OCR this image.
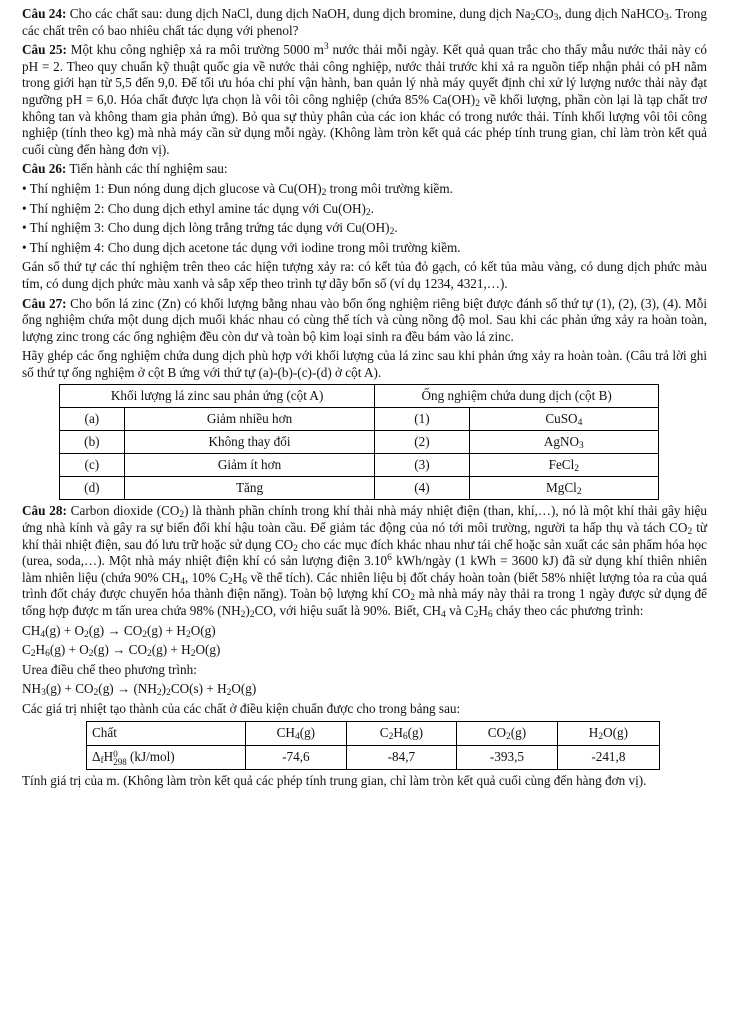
Câu 24: Cho các chất sau: dung dịch NaCl, dung dịch NaOH, dung dịch bromine, dung dịch $Na_2CO_3$, dung dịch NaHCO$_3$. Trong các chất trên có bao nhiêu chất tác dụng với phenol?

Câu 25: Một khu công nghiệp xả ra môi trường 5000 $m^3$ nước thải mỗi ngày. Kết quả quan trắc cho thấy mẫu nước thải này có pH = 2. Theo quy chuẩn kỹ thuật quốc gia về nước thải công nghiệp, nước thải trước khi xả ra nguồn tiếp nhận phải có pH nằm trong giới hạn từ 5,5 đến 9,0. Để tối ưu hóa chi phí vận hành, ban quản lý nhà máy quyết định chỉ xử lý lượng nước thải này đạt ngưỡng pH = 6,0. Hóa chất được lựa chọn là vôi tôi công nghiệp (chứa 85% $Ca(OH)_2$ về khối lượng, phần còn lại là tạp chất trơ không tan và không tham gia phản ứng). Bỏ qua sự thủy phân của các ion khác có trong nước thải. Tính khối lượng vôi tôi công nghiệp (tính theo kg) mà nhà máy cần sử dụng mỗi ngày. (Không làm tròn kết quả các phép tính trung gian, chỉ làm tròn kết quả cuối cùng đến hàng đơn vị).

Câu 26: Tiến hành các thí nghiệm sau:

• Thí nghiệm 1: Đun nóng dung dịch glucose và $Cu(OH)_2$ trong môi trường kiềm.

• Thí nghiệm 2: Cho dung dịch ethyl amine tác dụng với $Cu(OH)_2$.

• Thí nghiệm 3: Cho dung dịch lòng trắng trứng tác dụng với $Cu(OH)_2$.

• Thí nghiệm 4: Cho dung dịch acetone tác dụng với iodine trong môi trường kiềm.

Gán số thứ tự các thí nghiệm trên theo các hiện tượng xảy ra: có kết tủa đỏ gạch, có kết tủa màu vàng, có dung dịch phức màu tím, có dung dịch phức màu xanh và sắp xếp theo trình tự dãy bốn số (ví dụ 1234, 4321,…).

Câu 27: Cho bốn lá zinc (Zn) có khối lượng bằng nhau vào bốn ống nghiệm riêng biệt được đánh số thứ tự (1), (2), (3), (4). Mỗi ống nghiệm chứa một dung dịch muối khác nhau có cùng thể tích và cùng nồng độ mol. Sau khi các phản ứng xảy ra hoàn toàn, lượng zinc trong các ống nghiệm đều còn dư và toàn bộ kim loại sinh ra đều bám vào lá zinc.

Hãy ghép các ống nghiệm chứa dung dịch phù hợp với khối lượng của lá zinc sau khi phản ứng xảy ra hoàn toàn. (Câu trả lời ghi số thứ tự ống nghiệm ở cột B ứng với thứ tự (a)-(b)-(c)-(d) ở cột A).

Khối lượng lá zinc sau phản ứng (cột A)		Ống nghiệm chứa dung dịch (cột B)	
(a)	Giảm nhiều hơn	(1)	CuSO$_4$
(b)	Không thay đổi	(2)	AgNO$_3$
(c)	Giảm ít hơn	(3)	FeCl$_2$
(d)	Tăng	(4)	MgCl$_2$

Câu 28: Carbon dioxide $(CO_2)$ là thành phần chính trong khí thải nhà máy nhiệt điện (than, khí,…), nó là một khí thải gây hiệu ứng nhà kính và gây ra sự biến đổi khí hậu toàn cầu. Để giảm tác động của nó tới môi trường, người ta hấp thụ và tách $CO_2$ từ khí thải nhiệt điện, sau đó lưu trữ hoặc sử dụng $CO_2$ cho các mục đích khác nhau như tái chế hoặc sản xuất các sản phẩm hóa học (urea, soda,…). Một nhà máy nhiệt điện khí có sản lượng điện 3.10$^6$ kWh/ngày (1 kWh = 3600 kJ) đã sử dụng khí thiên nhiên làm nhiên liệu (chứa 90% $CH_4$, 10% $C_2H_6$ về thể tích). Các nhiên liệu bị đốt cháy hoàn toàn (biết 58% nhiệt lượng tỏa ra của quá trình đốt cháy được chuyển hóa thành điện năng). Toàn bộ lượng khí $CO_2$ mà nhà máy này thải ra trong 1 ngày được sử dụng để tổng hợp được m tấn urea chứa 98% $(NH_2)_2CO$, với hiệu suất là 90%. Biết, $CH_4$ và $C_2H_6$ cháy theo các phương trình:

$CH_4(g) + O_2(g) \to CO_2(g) + H_2O(g)$

$C_2H_6(g) + O_2(g) \to CO_2(g) + H_2O(g)$

Urea điều chế theo phương trình:

$NH_3(g) + CO_2(g) \to (NH_2)_2CO(s) + H_2O(g)$

Các giá trị nhiệt tạo thành của các chất ở điều kiện chuẩn được cho trong bảng sau:

Chất	$CH_4(g)$	$C_2H_6(g)$	$CO_2(g)$	$H_2O(g)$
$\Delta_fH$ 0
298 (kJ/mol)	-74,6	-84,7	-393,5	-241,8

Tính giá trị của m. (Không làm tròn kết quả các phép tính trung gian, chỉ làm tròn kết quả cuối cùng đến hàng đơn vị).
